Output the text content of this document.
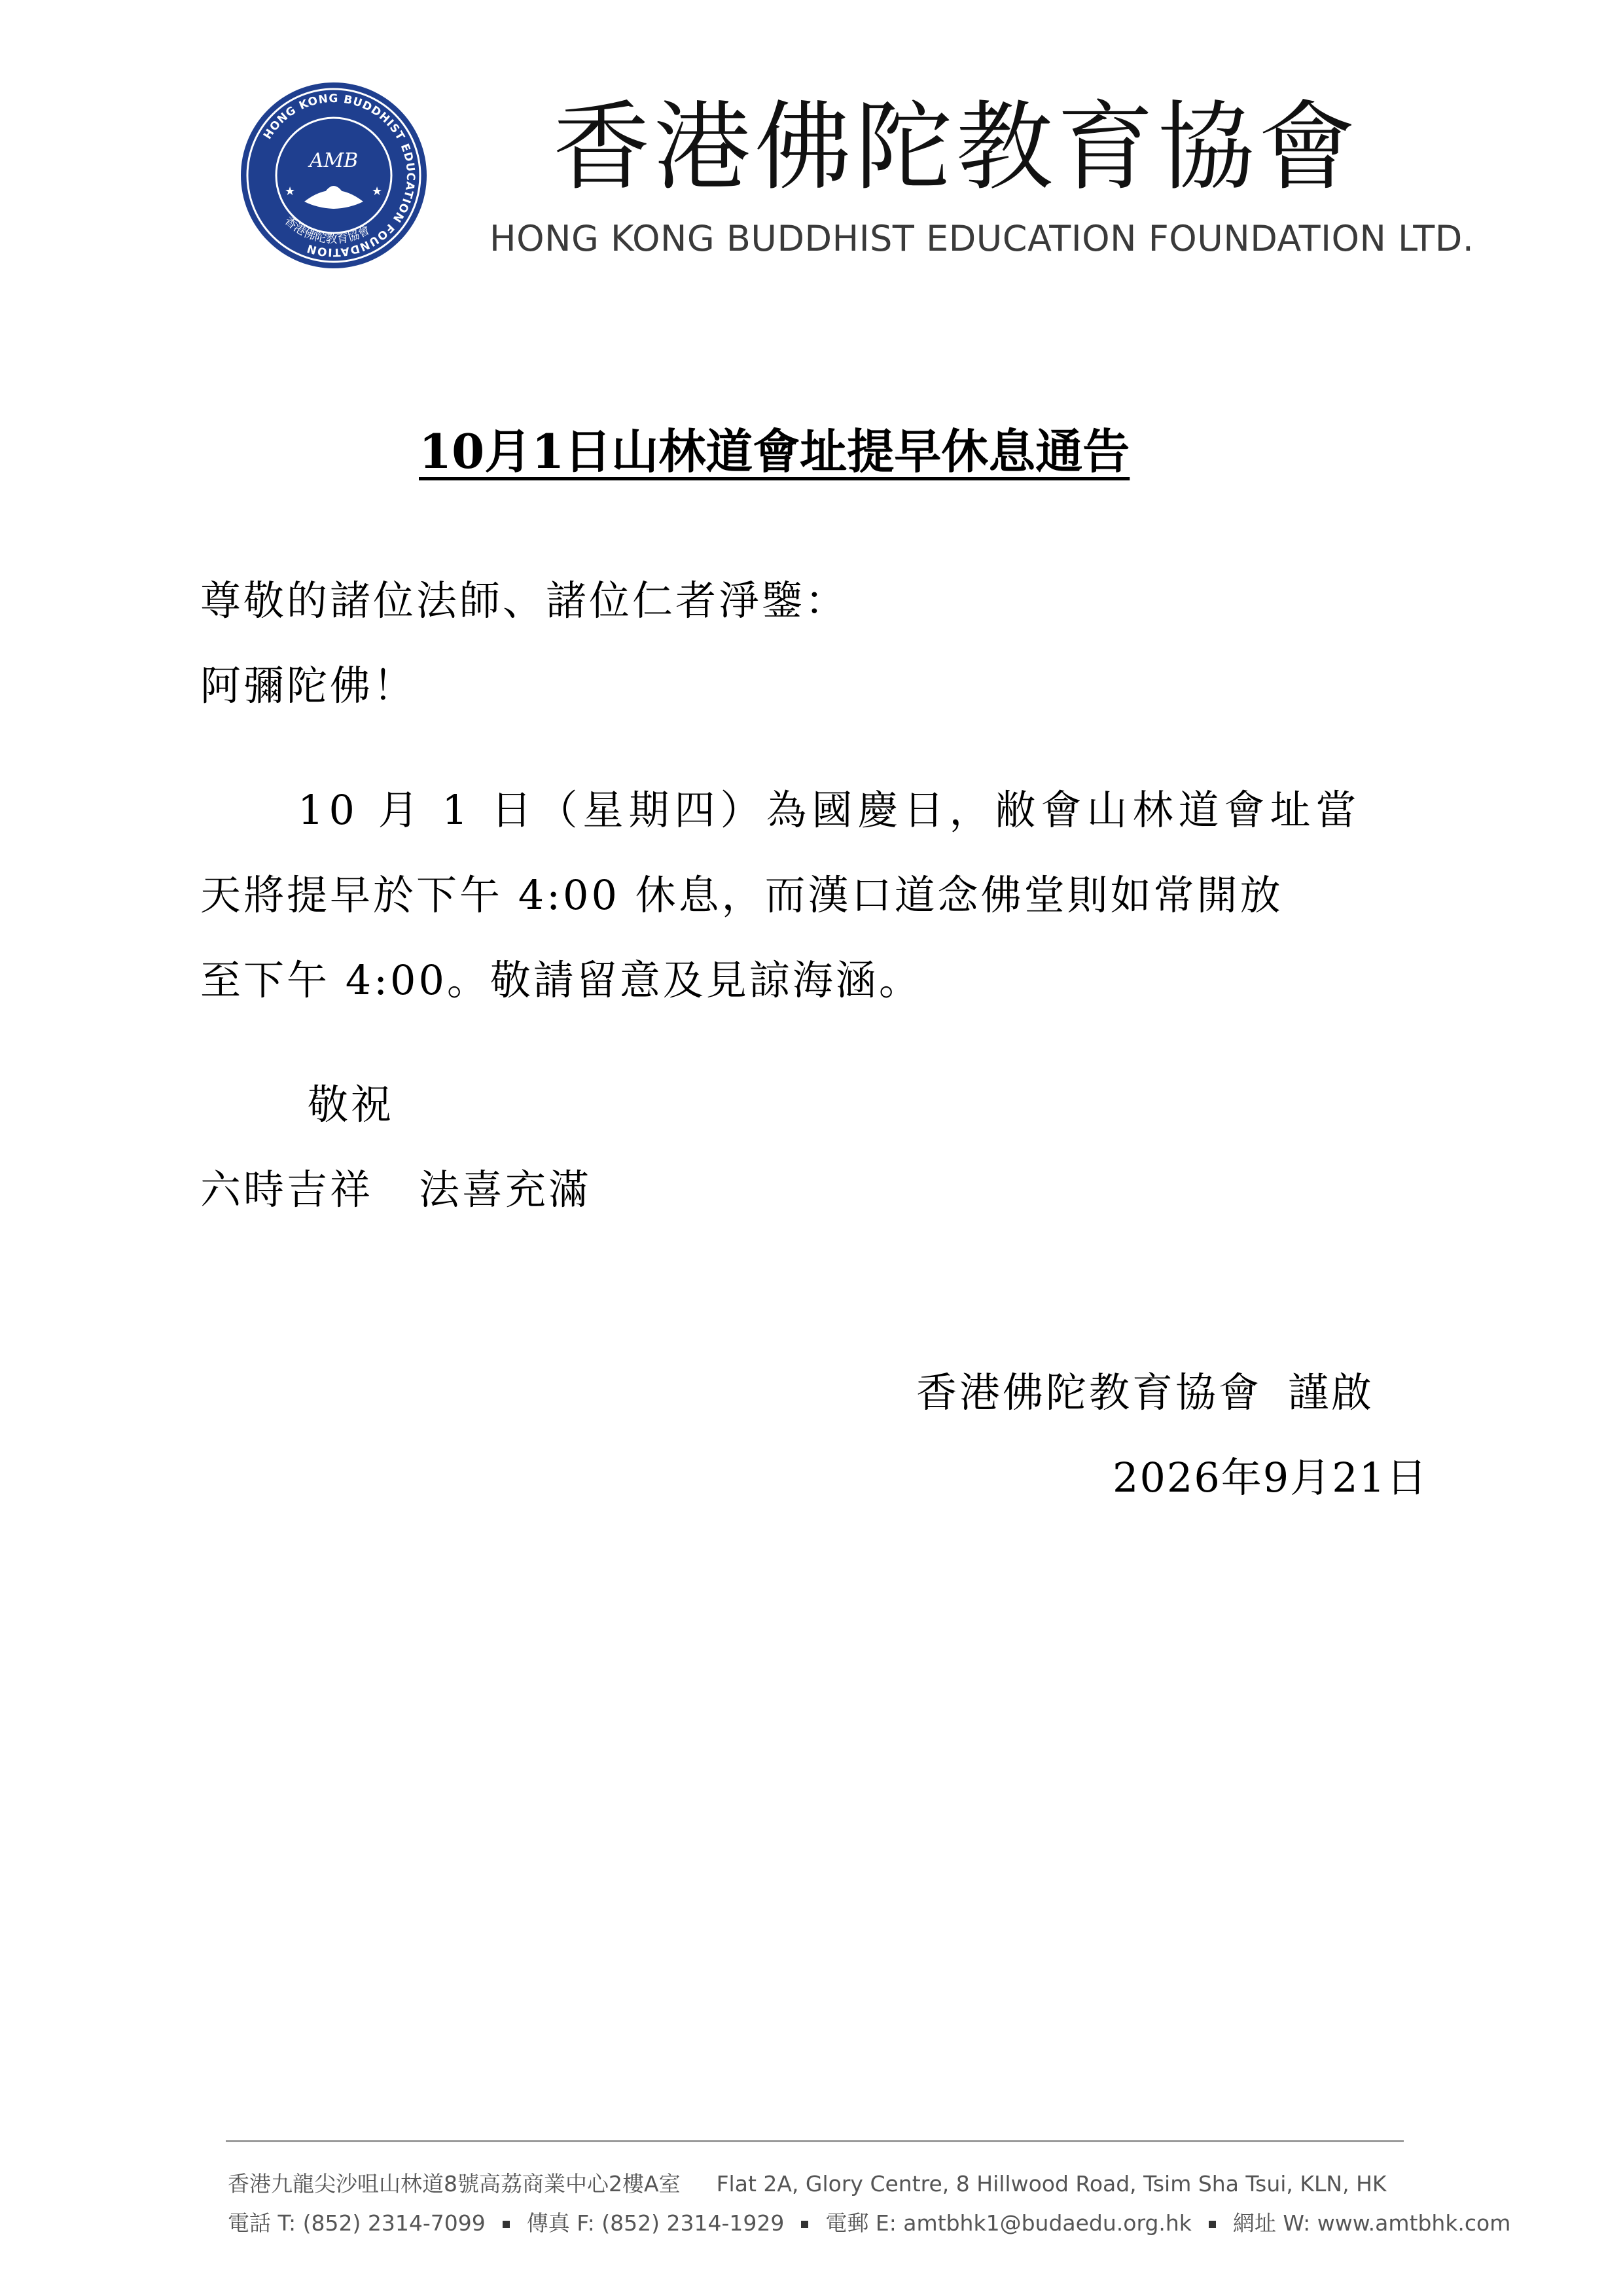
HONG KONG BUDDHIST EDUCATION FOUNDATION
香港佛陀教育協會
AMB
★	★ 香港佛陀教育協會
HONG KONG BUDDHIST EDUCATION FOUNDATION LTD.
10月1日山林道會址提早休息通告
尊敬的諸位法師、諸位仁者淨鑒：
阿彌陀佛！
10 月 1 日（星期四）為國慶日，敝會山林道會址當
天將提早於下午 4:00 休息，而漢口道念佛堂則如常開放
至下午 4:00。敬請留意及見諒海涵。
敬祝
六時吉祥 法喜充滿
香港佛陀教育協會 謹啟
2026年9月21日
香港九龍尖沙咀山林道8號高荔商業中心2樓A室 Flat 2A, Glory Centre, 8 Hillwood Road, Tsim Sha Tsui, KLN, HK
電話 T: (852) 2314-7099 傳真 F: (852) 2314-1929 電郵 E: amtbhk1@budaedu.org.hk 網址 W: www.amtbhk.com
